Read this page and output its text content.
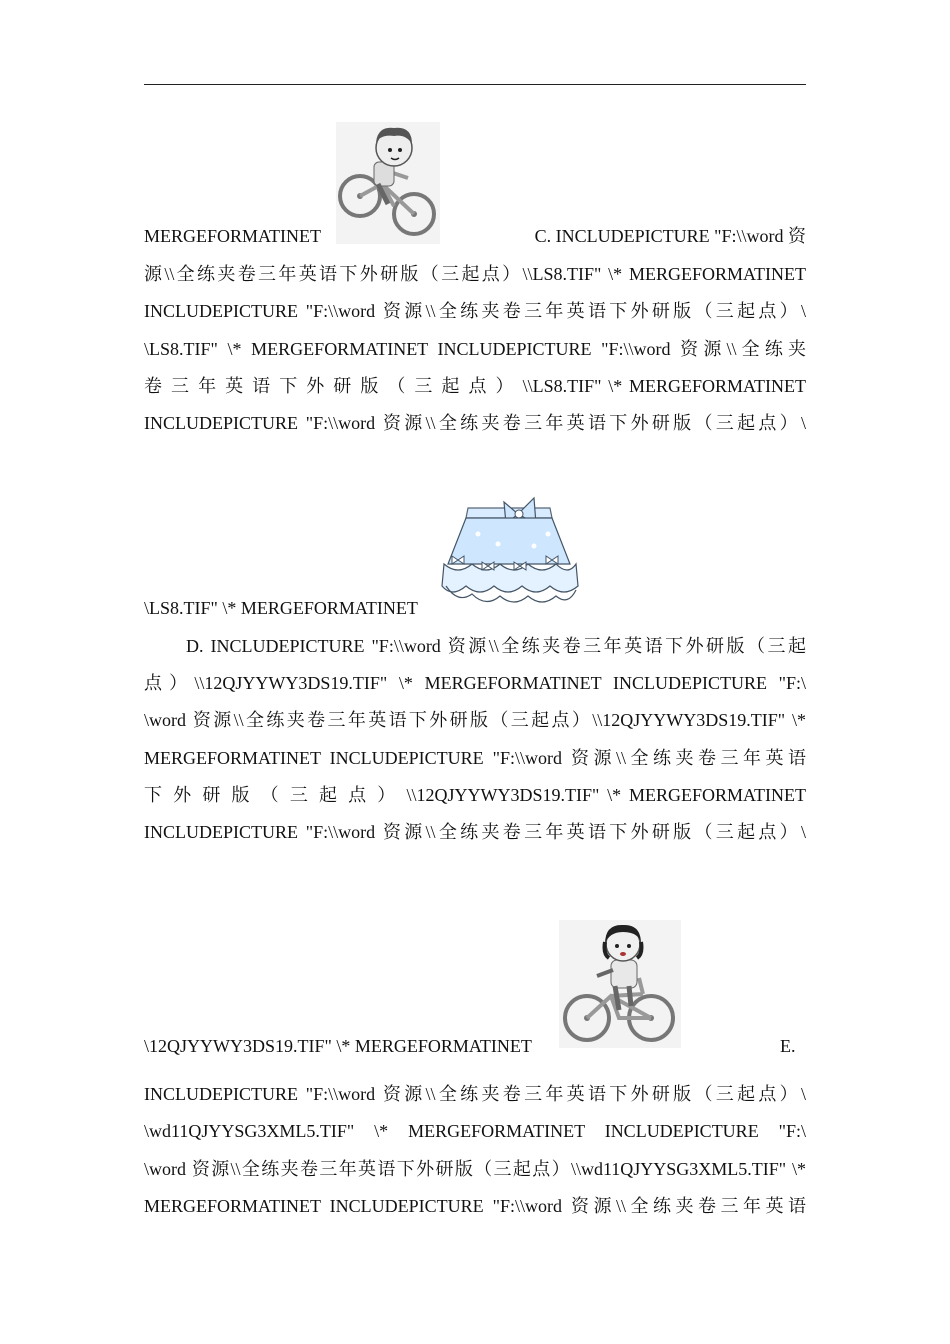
MERGEFORMATINET	C. INCLUDEPICTURE "F:\\word 资
源\\全练夹卷三年英语下外研版（三起点）\\LS8.TIF" \* MERGEFORMATINET
INCLUDEPICTURE "F:\\word 资源\\全练夹卷三年英语下外研版（三起点）\
\LS8.TIF" \* MERGEFORMATINET INCLUDEPICTURE "F:\\word 资源\\全练夹
卷 三 年 英 语 下 外 研 版 （ 三 起 点 ） \\LS8.TIF" \* MERGEFORMATINET
INCLUDEPICTURE "F:\\word 资源\\全练夹卷三年英语下外研版（三起点）\
\LS8.TIF" \* MERGEFORMATINET
D. INCLUDEPICTURE "F:\\word 资源\\全练夹卷三年英语下外研版（三起
点）\\12QJYYWY3DS19.TIF" \* MERGEFORMATINET INCLUDEPICTURE "F:\
\word 资源\\全练夹卷三年英语下外研版（三起点）\\12QJYYWY3DS19.TIF" \*
MERGEFORMATINET INCLUDEPICTURE "F:\\word 资源\\全练夹卷三年英语
下 外 研 版 （ 三 起 点 ） \\12QJYYWY3DS19.TIF" \* MERGEFORMATINET
INCLUDEPICTURE "F:\\word 资源\\全练夹卷三年英语下外研版（三起点）\
\12QJYYWY3DS19.TIF" \* MERGEFORMATINET	E.
INCLUDEPICTURE "F:\\word 资源\\全练夹卷三年英语下外研版（三起点）\
\wd11QJYYSG3XML5.TIF" \* MERGEFORMATINET INCLUDEPICTURE "F:\
\word 资源\\全练夹卷三年英语下外研版（三起点）\\wd11QJYYSG3XML5.TIF" \*
MERGEFORMATINET INCLUDEPICTURE "F:\\word 资源\\全练夹卷三年英语
